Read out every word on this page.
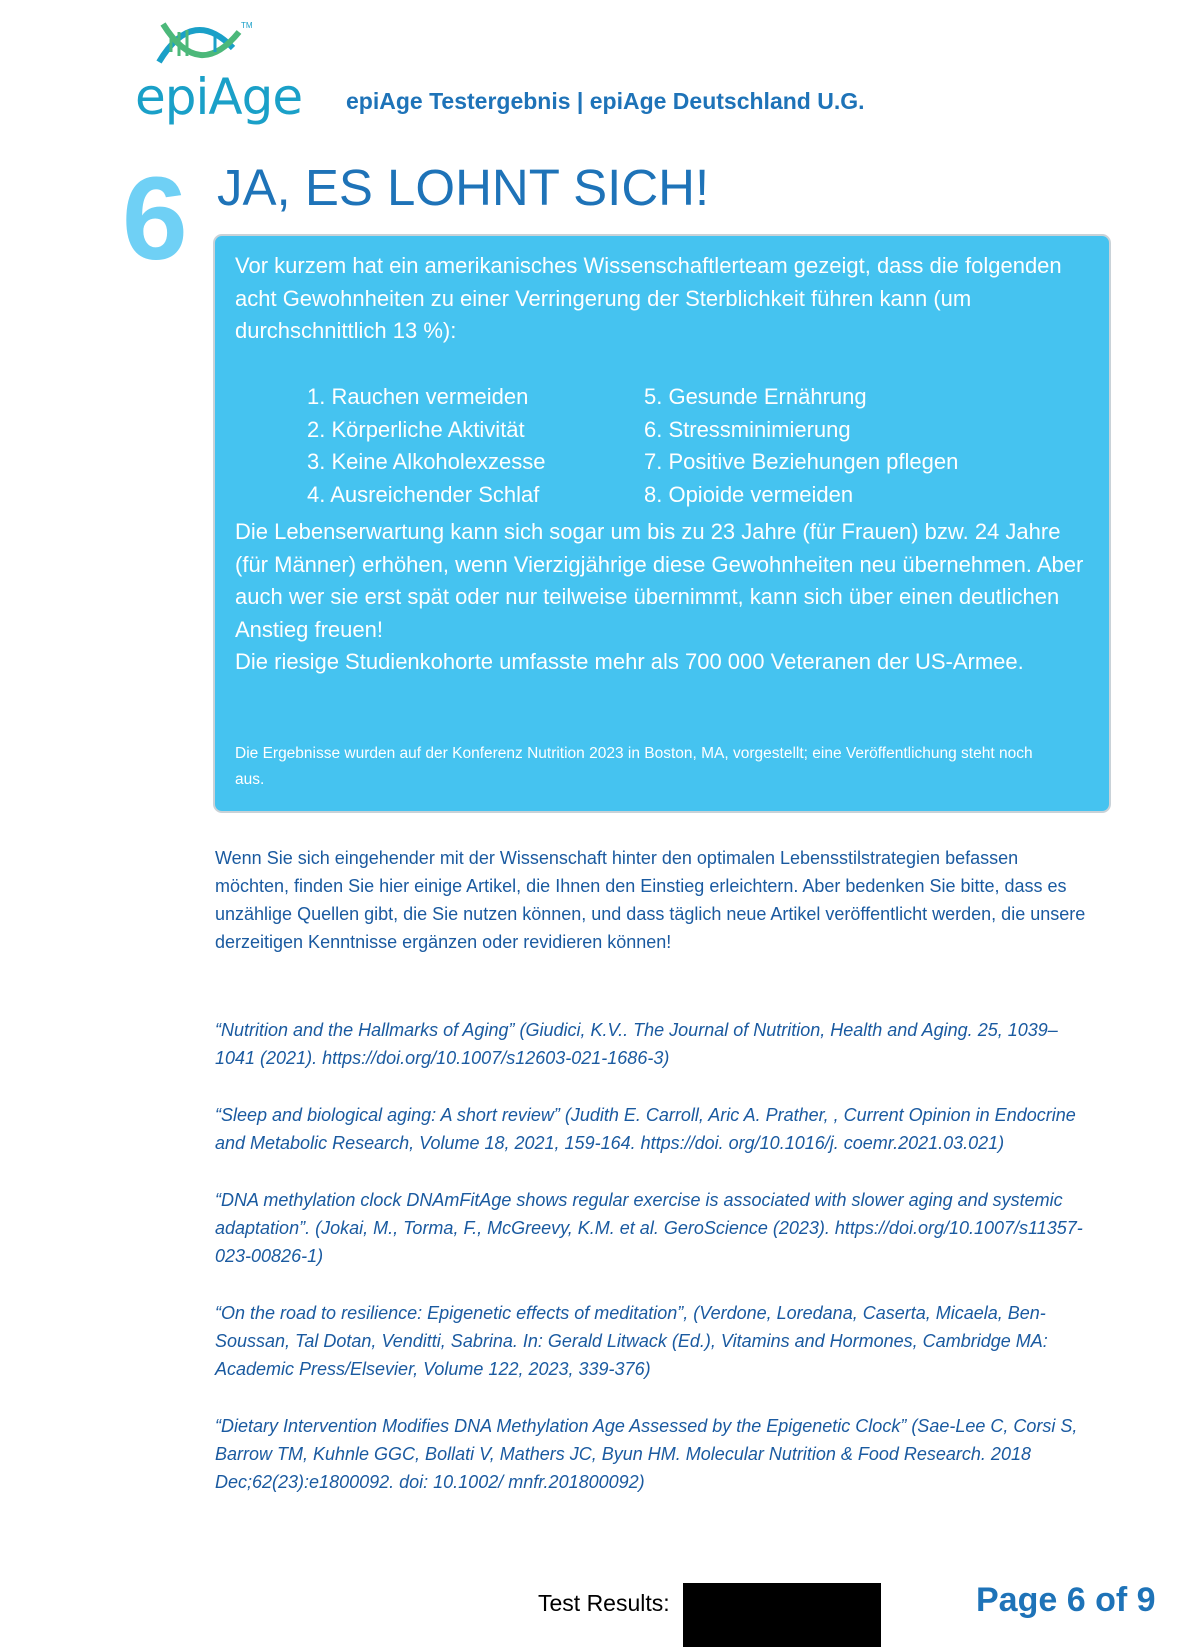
TM
epiAge epiAge Testergebnis | epiAge Deutschland U.G.
6 JA, ES LOHNT SICH!
Vor kurzem hat ein amerikanisches Wissenschaftlerteam gezeigt, dass die folgenden acht Gewohnheiten zu einer Verringerung der Sterblichkeit führen kann (um durchschnittlich 13 %):
1. Rauchen vermeiden
2. Körperliche Aktivität
3. Keine Alkoholexzesse
4. Ausreichender Schlaf
5. Gesunde Ernährung
6. Stressminimierung
7. Positive Beziehungen pflegen
8. Opioide vermeiden

Die Lebenserwartung kann sich sogar um bis zu 23 Jahre (für Frauen) bzw. 24 Jahre (für Männer) erhöhen, wenn Vierzigjährige diese Gewohnheiten neu übernehmen. Aber auch wer sie erst spät oder nur teilweise übernimmt, kann sich über einen deutlichen Anstieg freuen!

Die riesige Studienkohorte umfasste mehr als 700 000 Veteranen der US-Armee.

Die Ergebnisse wurden auf der Konferenz Nutrition 2023 in Boston, MA, vorgestellt; eine Veröffentlichung steht noch aus.
Wenn Sie sich eingehender mit der Wissenschaft hinter den optimalen Lebensstilstrategien befassen möchten, finden Sie hier einige Artikel, die Ihnen den Einstieg erleichtern. Aber bedenken Sie bitte, dass es unzählige Quellen gibt, die Sie nutzen können, und dass täglich neue Artikel veröffentlicht werden, die unsere derzeitigen Kenntnisse ergänzen oder revidieren können!
“Nutrition and the Hallmarks of Aging” (Giudici, K.V.. The Journal of Nutrition, Health and Aging. 25, 1039–1041 (2021). https://doi.org/10.1007/s12603-021-1686-3)
“Sleep and biological aging: A short review” (Judith E. Carroll, Aric A. Prather, , Current Opinion in Endocrine and Metabolic Research, Volume 18, 2021, 159-164. https://doi. org/10.1016/j. coemr.2021.03.021)
“DNA methylation clock DNAmFitAge shows regular exercise is associated with slower aging and systemic adaptation”. (Jokai, M., Torma, F., McGreevy, K.M. et al. GeroScience (2023). https://doi.org/10.1007/s11357-023-00826-1)
“On the road to resilience: Epigenetic effects of meditation”, (Verdone, Loredana, Caserta, Micaela, Ben-Soussan, Tal Dotan, Venditti, Sabrina. In: Gerald Litwack (Ed.), Vitamins and Hormones, Cambridge MA: Academic Press/Elsevier, Volume 122, 2023, 339-376)
“Dietary Intervention Modifies DNA Methylation Age Assessed by the Epigenetic Clock” (Sae-Lee C, Corsi S, Barrow TM, Kuhnle GGC, Bollati V, Mathers JC, Byun HM. Molecular Nutrition & Food Research. 2018 Dec;62(23):e1800092. doi: 10.1002/ mnfr.201800092)
Test Results:	Page 6 of 9
